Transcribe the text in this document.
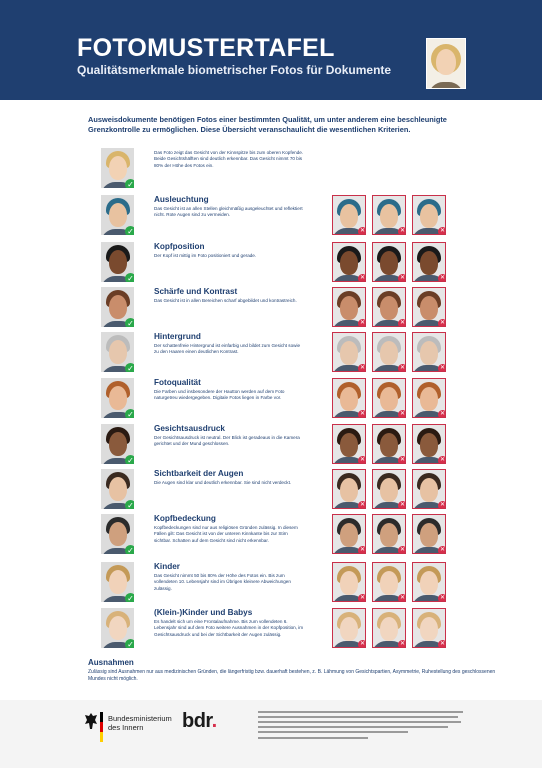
FOTOMUSTERTAFEL
Qualitätsmerkmale biometrischer Fotos für Dokumente
Ausweisdokumente benötigen Fotos einer bestimmten Qualität, um unter anderem eine beschleunigte Grenzkontrolle zu ermöglichen. Diese Übersicht veranschaulicht die wesentlichen Kriterien.
✓
Das Foto zeigt das Gesicht von der Kinnspitze bis zum oberen Kopfende. Beide Gesichtshälften sind deutlich erkennbar. Das Gesicht nimmt 70 bis 80% der Höhe des Fotos ein.
✓
Ausleuchtung
Das Gesicht ist an allen Stellen gleichmäßig ausgeleuchtet und reflektiert nicht. Rote Augen sind zu vermeiden.
✕	✕	✕
✓
Kopfposition
Der Kopf ist mittig im Foto positioniert und gerade.
✕	✕	✕
✓
Schärfe und Kontrast
Das Gesicht ist in allen Bereichen scharf abgebildet und kontrastreich.
✕	✕	✕
✓
Hintergrund
Der schattenfreie Hintergrund ist einfarbig und bildet zum Gesicht sowie zu den Haaren einen deutlichen Kontrast.
✕	✕	✕
✓
Fotoqualität
Die Farben und insbesondere der Hautton werden auf dem Foto naturgetreu wiedergegeben. Digitale Fotos liegen in Farbe vor.
✕	✕	✕
✓
Gesichtsausdruck
Der Gesichtsausdruck ist neutral. Der Blick ist geradeaus in die Kamera gerichtet und der Mund geschlossen.
✕	✕	✕
✓
Sichtbarkeit der Augen
Die Augen sind klar und deutlich erkennbar. Sie sind nicht verdeckt.
✕	✕	✕
✓
Kopfbedeckung
Kopfbedeckungen sind nur aus religiösen Gründen zulässig. In diesem Fällen gilt: Das Gesicht ist von der unteren Kinnkante bis zur Stirn sichtbar. Schatten auf dem Gesicht sind nicht erkennbar.
✕	✕	✕
✓
Kinder
Das Gesicht nimmt 50 bis 80% der Höhe des Fotos ein. Bis zum vollendeten 10. Lebensjahr sind im Übrigen kleinere Abweichungen zulässig.
✕	✕	✕
✓
(Klein-)Kinder und Babys
Es handelt sich um eine Frontalaufnahme. Bis zum vollendeten 6. Lebensjahr sind auf dem Foto weitere Ausnahmen in der Kopfposition, im Gesichtsausdruck und bei der Sichtbarkeit der Augen zulässig.
✕	✕	✕
Ausnahmen
Zulässig sind Ausnahmen nur aus medizinischen Gründen, die längerfristig bzw. dauerhaft bestehen, z. B. Lähmung von Gesichtspartien, Asymmetrie, Ruhestellung des geschlossenen Mundes nicht möglich.
Bundesministerium
des Innern	bdr.
